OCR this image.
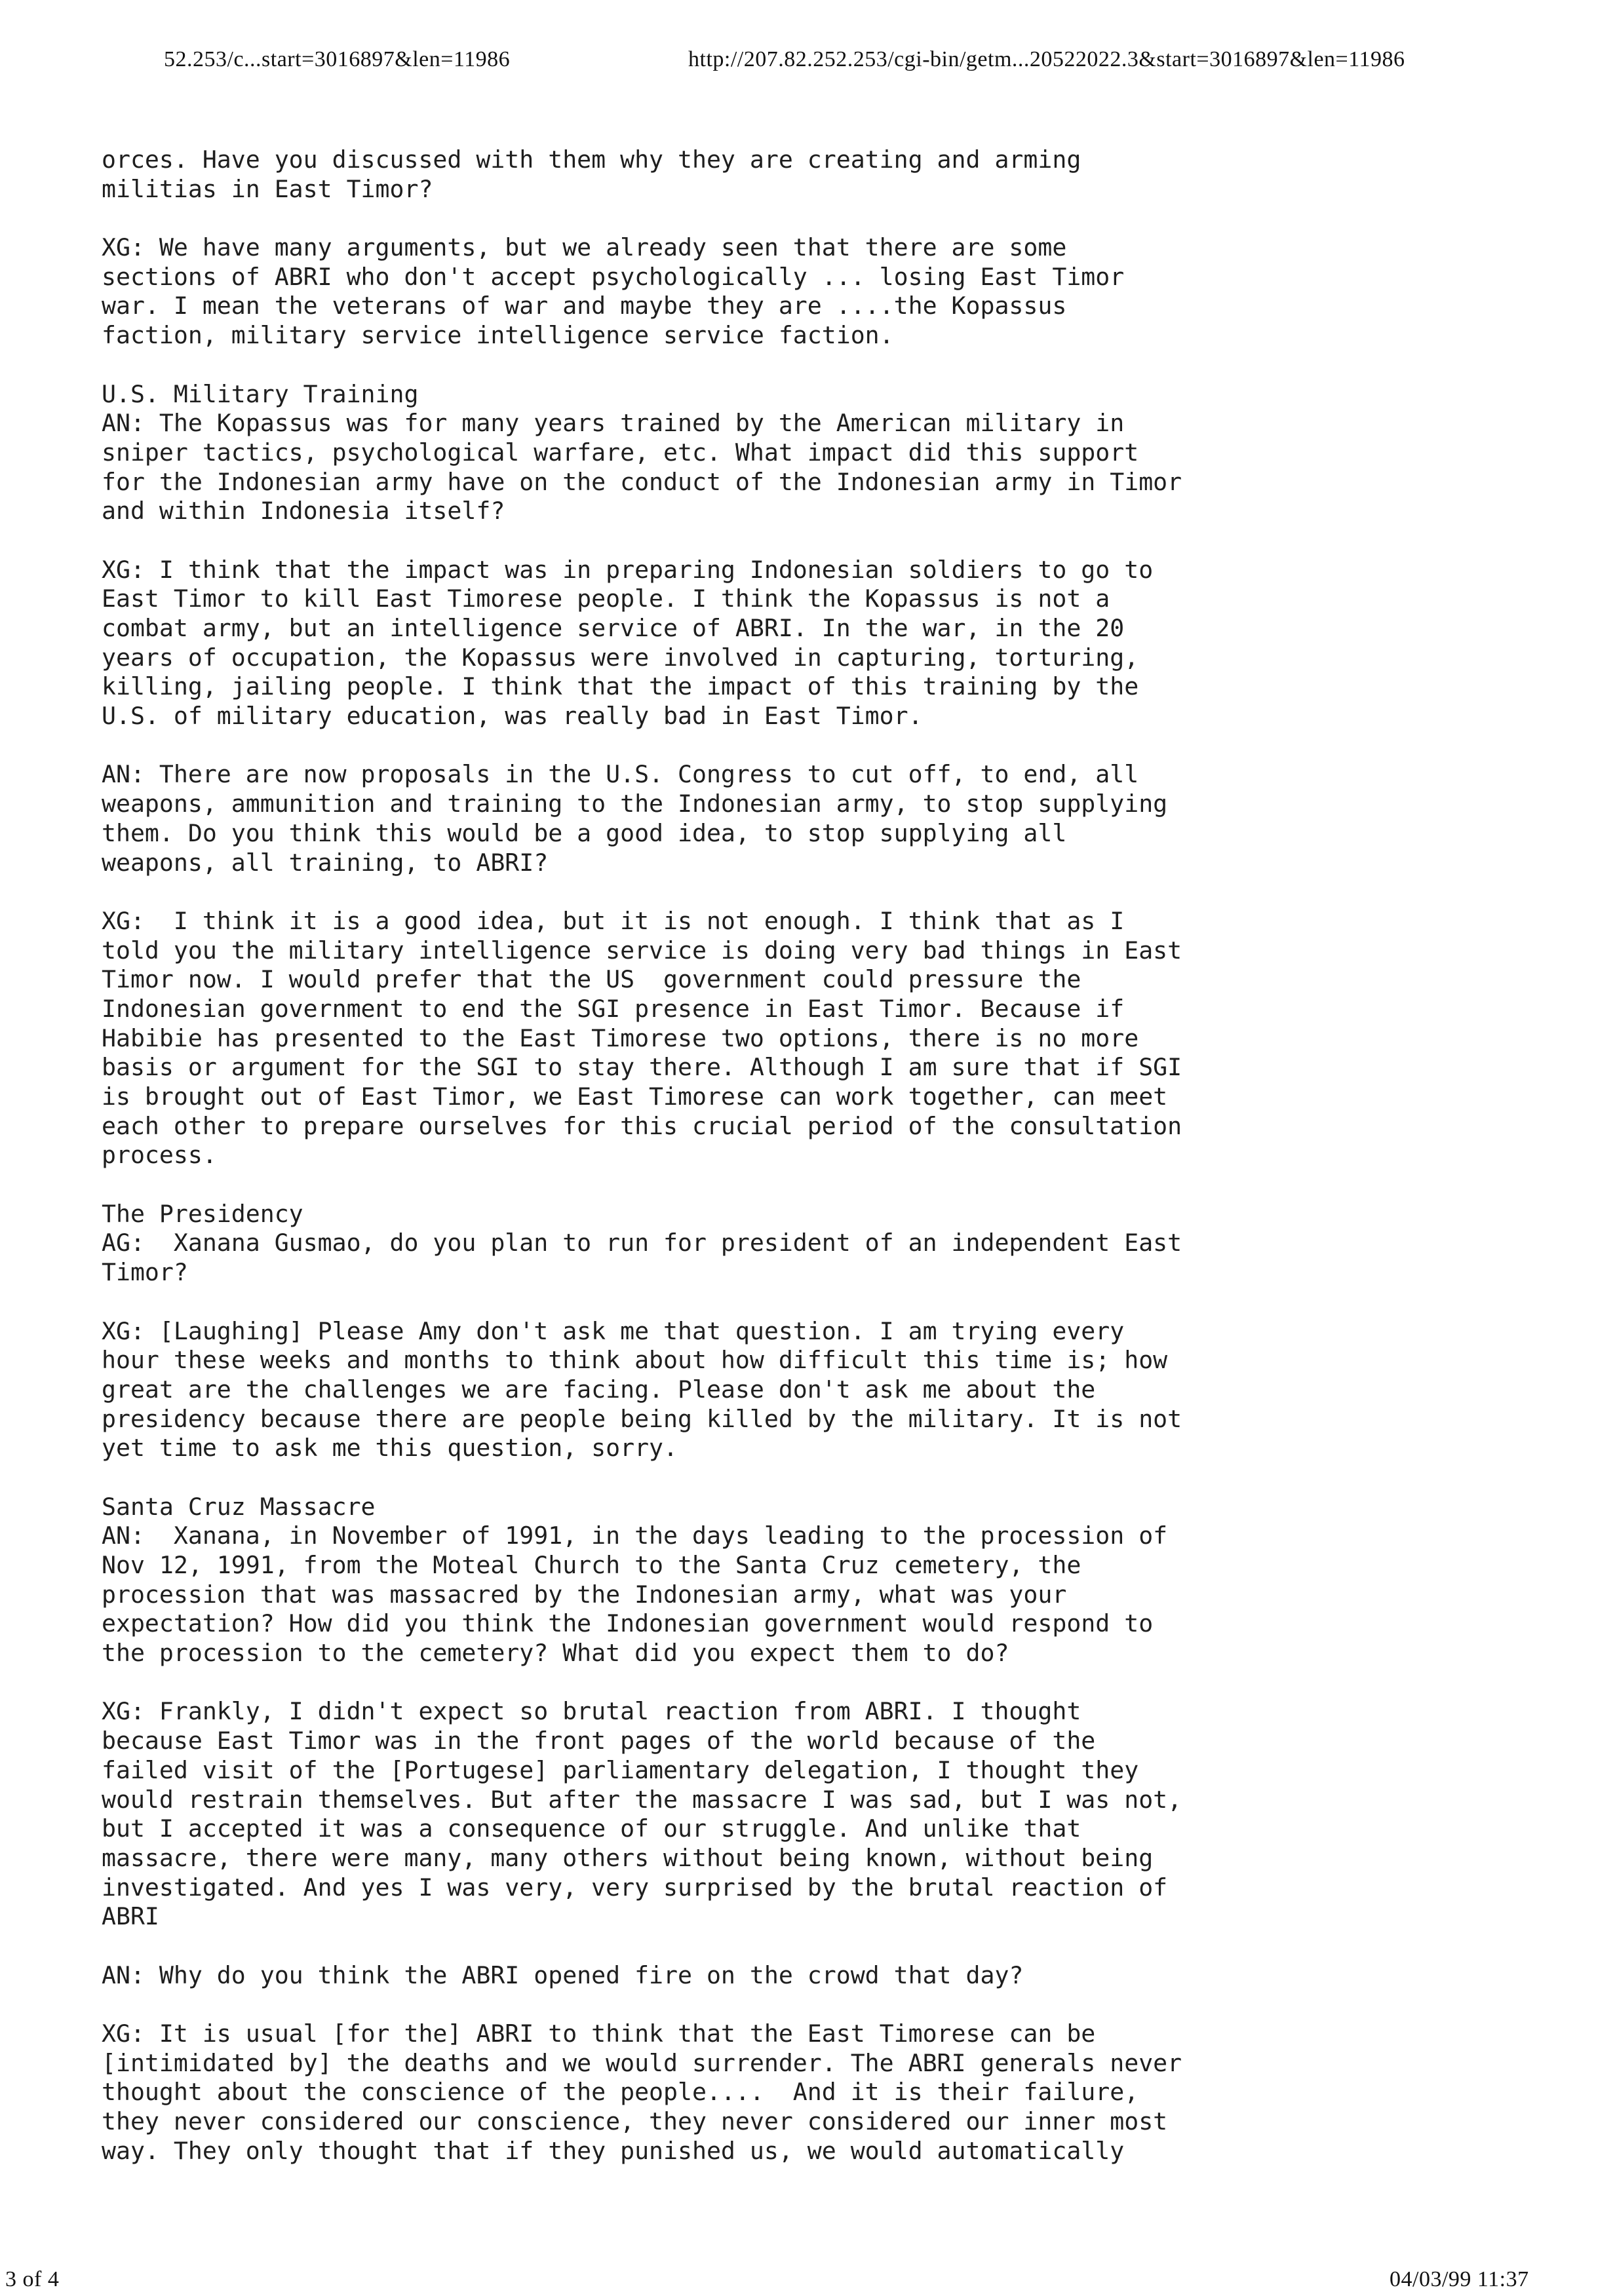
52.253/c...start=3016897&len=11986	http://207.82.252.253/cgi-bin/getm...20522022.3&start=3016897&len=11986
orces. Have you discussed with them why they are creating and arming
militias in East Timor?
XG: We have many arguments, but we already seen that there are some
sections of ABRI who don't accept psychologically ... losing East Timor
war. I mean the veterans of war and maybe they are ....the Kopassus
faction, military service intelligence service faction.
U.S. Military Training
AN: The Kopassus was for many years trained by the American military in
sniper tactics, psychological warfare, etc. What impact did this support
for the Indonesian army have on the conduct of the Indonesian army in Timor
and within Indonesia itself?
XG: I think that the impact was in preparing Indonesian soldiers to go to
East Timor to kill East Timorese people. I think the Kopassus is not a
combat army, but an intelligence service of ABRI. In the war, in the 20
years of occupation, the Kopassus were involved in capturing, torturing,
killing, jailing people. I think that the impact of this training by the
U.S. of military education, was really bad in East Timor.
AN: There are now proposals in the U.S. Congress to cut off, to end, all
weapons, ammunition and training to the Indonesian army, to stop supplying
them. Do you think this would be a good idea, to stop supplying all
weapons, all training, to ABRI?
XG:  I think it is a good idea, but it is not enough. I think that as I
told you the military intelligence service is doing very bad things in East
Timor now. I would prefer that the US  government could pressure the
Indonesian government to end the SGI presence in East Timor. Because if
Habibie has presented to the East Timorese two options, there is no more
basis or argument for the SGI to stay there. Although I am sure that if SGI
is brought out of East Timor, we East Timorese can work together, can meet
each other to prepare ourselves for this crucial period of the consultation
process.
The Presidency
AG:  Xanana Gusmao, do you plan to run for president of an independent East
Timor?
XG: [Laughing] Please Amy don't ask me that question. I am trying every
hour these weeks and months to think about how difficult this time is; how
great are the challenges we are facing. Please don't ask me about the
presidency because there are people being killed by the military. It is not
yet time to ask me this question, sorry.
Santa Cruz Massacre
AN:  Xanana, in November of 1991, in the days leading to the procession of
Nov 12, 1991, from the Moteal Church to the Santa Cruz cemetery, the
procession that was massacred by the Indonesian army, what was your
expectation? How did you think the Indonesian government would respond to
the procession to the cemetery? What did you expect them to do?
XG: Frankly, I didn't expect so brutal reaction from ABRI. I thought
because East Timor was in the front pages of the world because of the
failed visit of the [Portugese] parliamentary delegation, I thought they
would restrain themselves. But after the massacre I was sad, but I was not,
but I accepted it was a consequence of our struggle. And unlike that
massacre, there were many, many others without being known, without being
investigated. And yes I was very, very surprised by the brutal reaction of
ABRI
AN: Why do you think the ABRI opened fire on the crowd that day?
XG: It is usual [for the] ABRI to think that the East Timorese can be
[intimidated by] the deaths and we would surrender. The ABRI generals never
thought about the conscience of the people....  And it is their failure,
they never considered our conscience, they never considered our inner most
way. They only thought that if they punished us, we would automatically
3 of 4	04/03/99 11:37
